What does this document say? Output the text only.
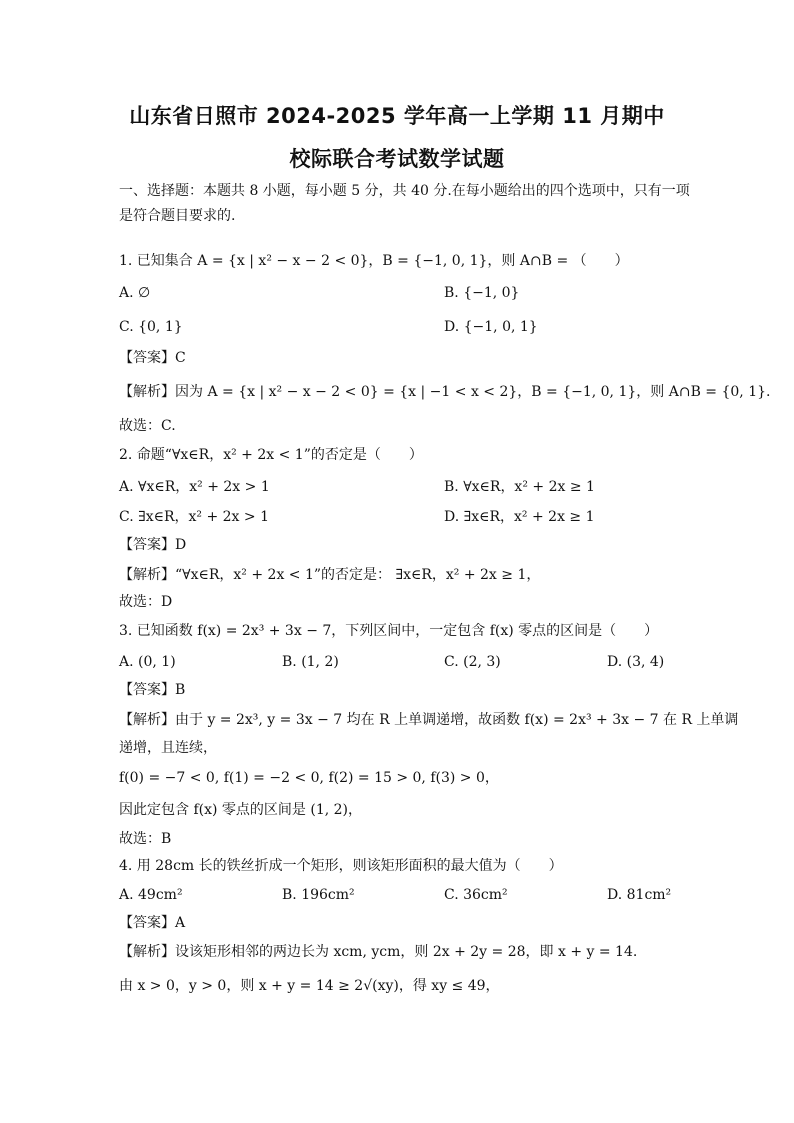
山东省日照市 2024-2025 学年高一上学期 11 月期中
校际联合考试数学试题
一、选择题：本题共 8 小题，每小题 5 分，共 40 分.在每小题给出的四个选项中，只有一项
是符合题目要求的.
1. 已知集合 A = {x | x² − x − 2 < 0}，B = {−1, 0, 1}，则 A∩B = （　　）
A. ∅	B. {−1, 0}
C. {0, 1}	D. {−1, 0, 1}
【答案】C
【解析】因为 A = {x | x² − x − 2 < 0} = {x | −1 < x < 2}，B = {−1, 0, 1}，则 A∩B = {0, 1}.
故选：C.
2. 命题“∀x∈R，x² + 2x < 1”的否定是（　　）
A. ∀x∈R，x² + 2x > 1	B. ∀x∈R，x² + 2x ≥ 1
C. ∃x∈R，x² + 2x > 1	D. ∃x∈R，x² + 2x ≥ 1
【答案】D
【解析】“∀x∈R，x² + 2x < 1”的否定是： ∃x∈R，x² + 2x ≥ 1，
故选：D
3. 已知函数 f(x) = 2x³ + 3x − 7，下列区间中，一定包含 f(x) 零点的区间是（　　）
A. (0, 1)	B. (1, 2)	C. (2, 3)	D. (3, 4)
【答案】B
【解析】由于 y = 2x³, y = 3x − 7 均在 R 上单调递增，故函数 f(x) = 2x³ + 3x − 7 在 R 上单调
递增，且连续，
f(0) = −7 < 0, f(1) = −2 < 0, f(2) = 15 > 0, f(3) > 0，
因此定包含 f(x) 零点的区间是 (1, 2)，
故选：B
4. 用 28cm 长的铁丝折成一个矩形，则该矩形面积的最大值为（　　）
A. 49cm²	B. 196cm²	C. 36cm²	D. 81cm²
【答案】A
【解析】设该矩形相邻的两边长为 xcm, ycm，则 2x + 2y = 28，即 x + y = 14.
由 x > 0，y > 0，则 x + y = 14 ≥ 2√(xy)，得 xy ≤ 49，
